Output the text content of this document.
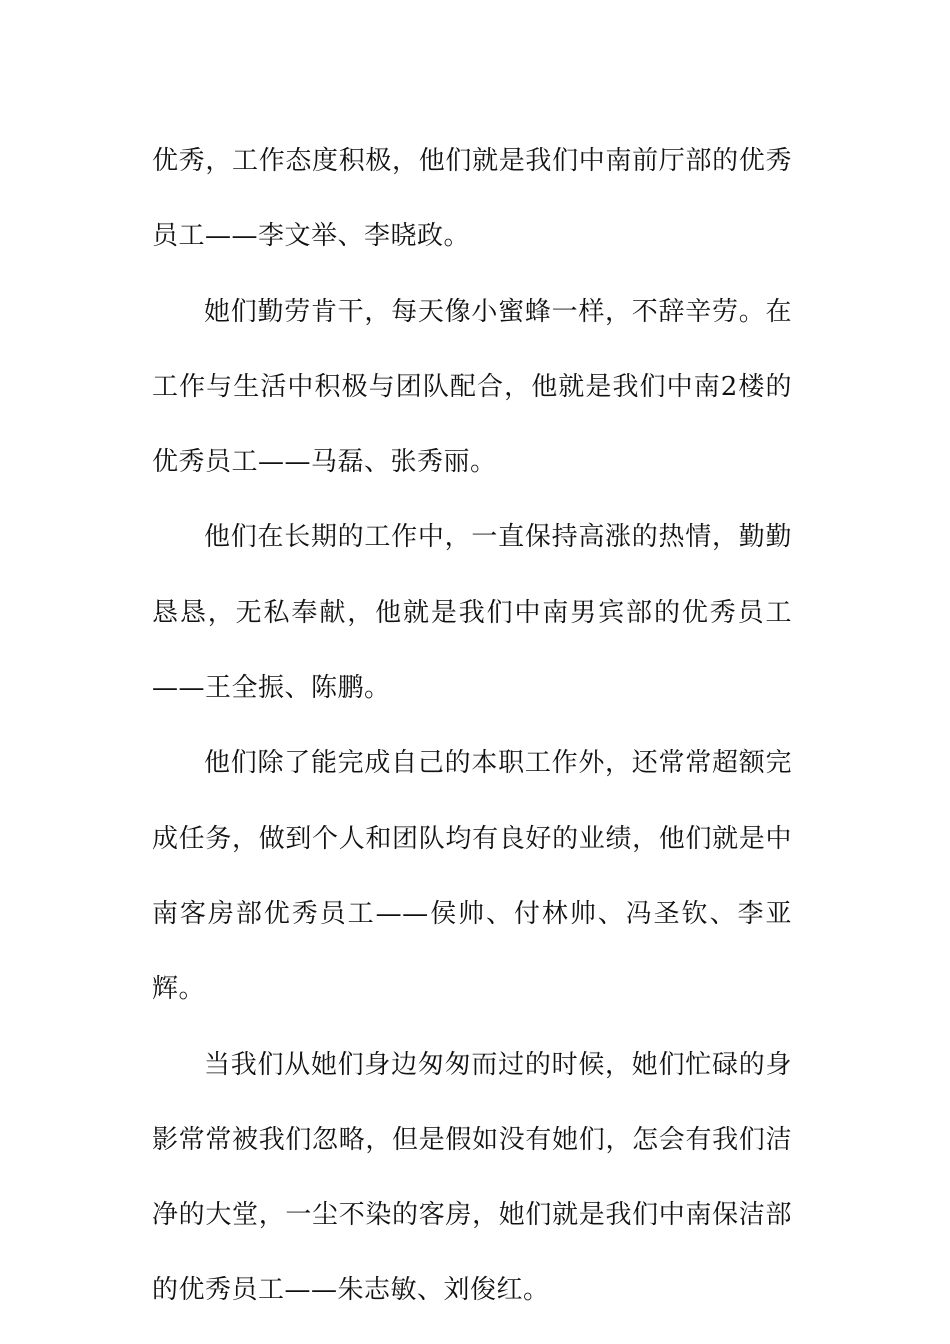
优秀，工作态度积极，他们就是我们中南前厅部的优秀员工——李文举、李晓政。

她们勤劳肯干，每天像小蜜蜂一样，不辞辛劳。在工作与生活中积极与团队配合，他就是我们中南2楼的优秀员工——马磊、张秀丽。

他们在长期的工作中，一直保持高涨的热情，勤勤恳恳，无私奉献，他就是我们中南男宾部的优秀员工——王全振、陈鹏。

他们除了能完成自己的本职工作外，还常常超额完成任务，做到个人和团队均有良好的业绩，他们就是中南客房部优秀员工——侯帅、付林帅、冯圣钦、李亚辉。

当我们从她们身边匆匆而过的时候，她们忙碌的身影常常被我们忽略，但是假如没有她们，怎会有我们洁净的大堂，一尘不染的客房，她们就是我们中南保洁部的优秀员工——朱志敏、刘俊红。
